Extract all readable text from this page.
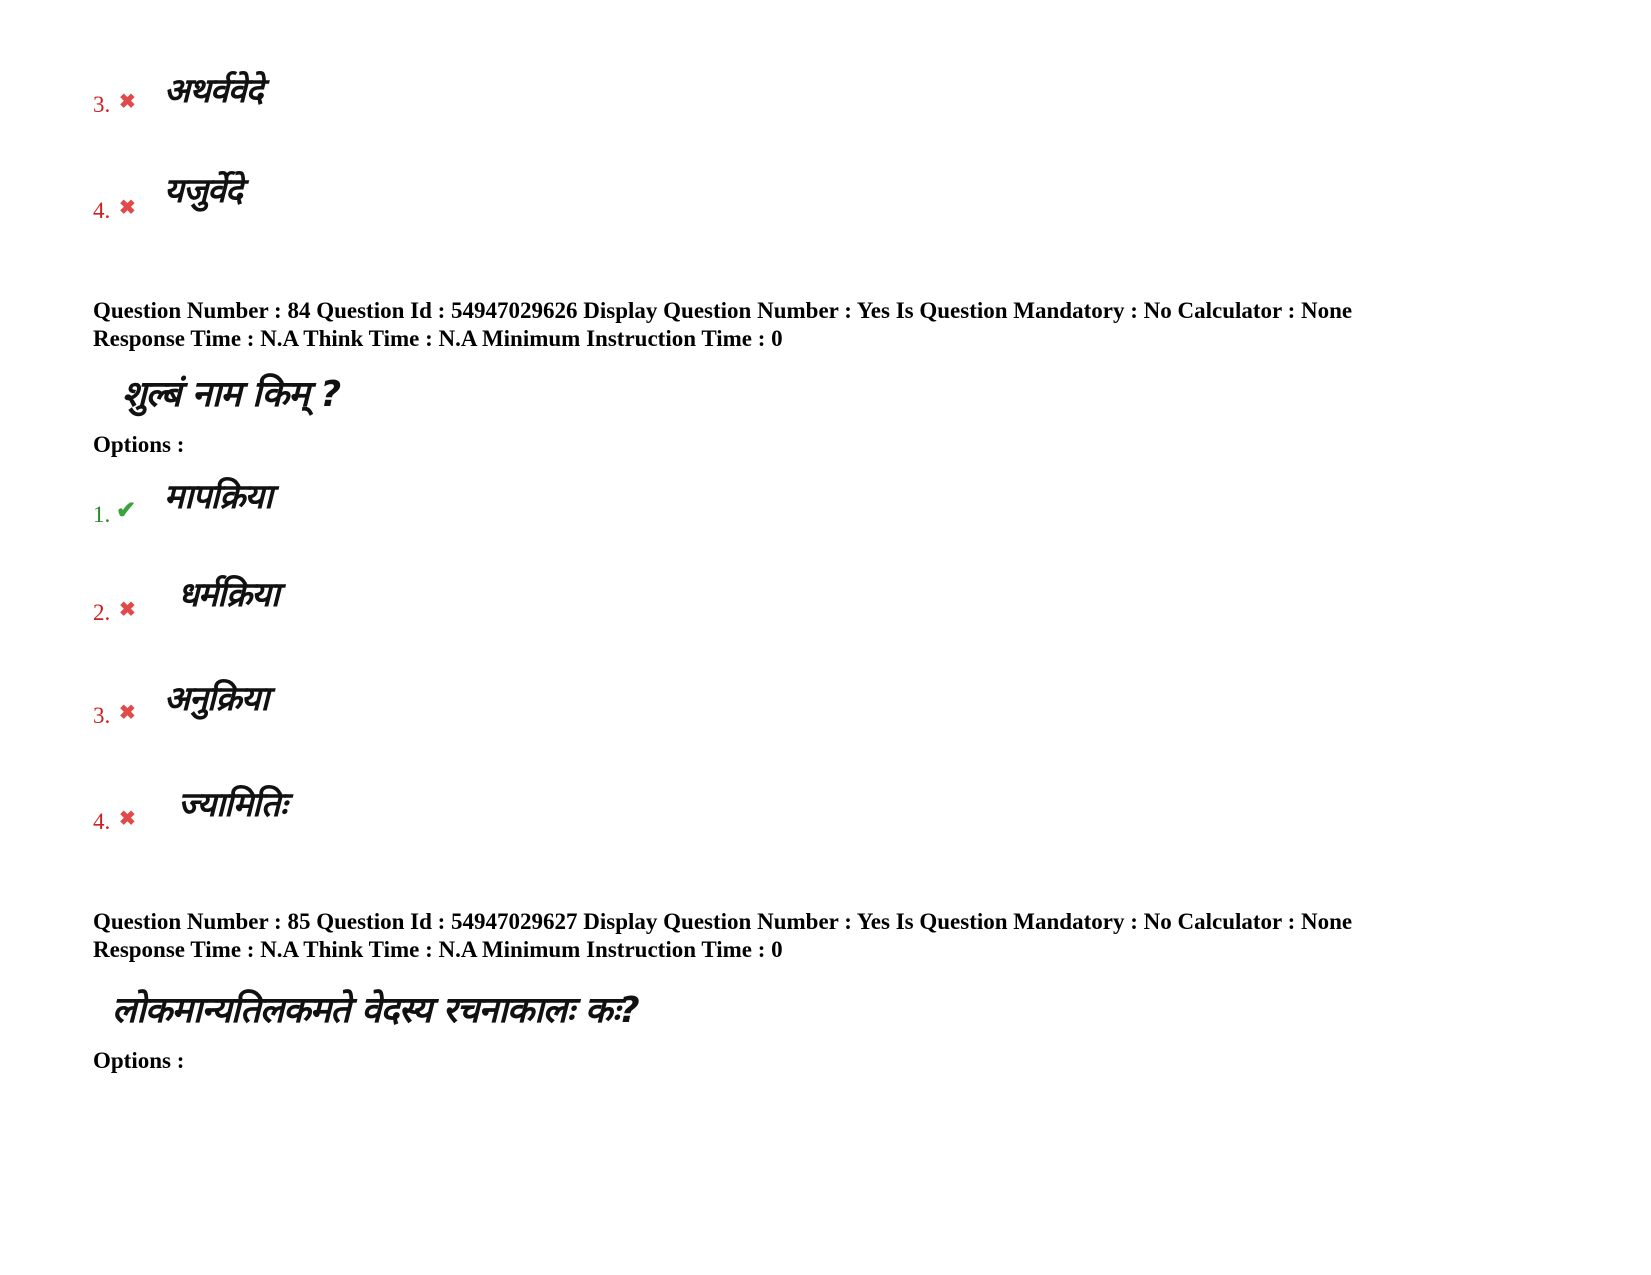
3. ✖ अथर्ववेदे
4. ✖ यजुर्वेदे
Question Number : 84 Question Id : 54947029626 Display Question Number : Yes Is Question Mandatory : No Calculator : None
Response Time : N.A Think Time : N.A Minimum Instruction Time : 0
शुल्बं नाम किम् ?
Options :
1. ✔ मापक्रिया
2. ✖ धर्मक्रिया
3. ✖ अनुक्रिया
4. ✖ ज्यामितिः
Question Number : 85 Question Id : 54947029627 Display Question Number : Yes Is Question Mandatory : No Calculator : None
Response Time : N.A Think Time : N.A Minimum Instruction Time : 0
लोकमान्यतिलकमते वेदस्य रचनाकालः कः?
Options :
